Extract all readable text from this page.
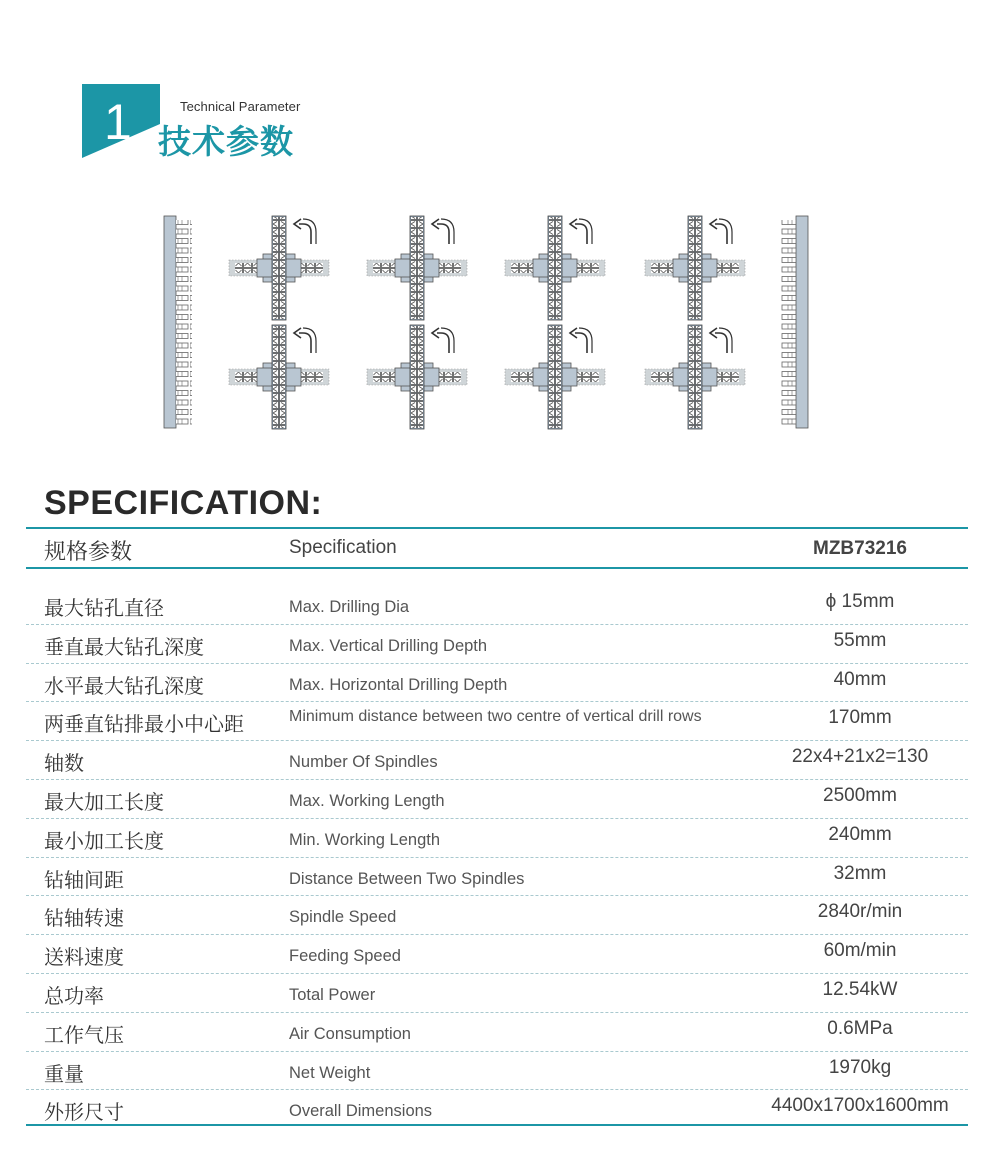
1	Technical Parameter
技术参数
SPECIFICATION:
规格参数	Specification	MZB73216
最大钻孔直径	Max. Drilling Dia	ϕ 15mm
垂直最大钻孔深度	Max. Vertical Drilling Depth	55mm
水平最大钻孔深度	Max. Horizontal Drilling Depth	40mm
两垂直钻排最小中心距	Minimum distance between two centre of vertical drill rows	170mm
轴数	Number Of Spindles	22x4+21x2=130
最大加工长度	Max. Working Length	2500mm
最小加工长度	Min. Working Length	240mm
钻轴间距	Distance Between Two Spindles	32mm
钻轴转速	Spindle Speed	2840r/min
送料速度	Feeding Speed	60m/min
总功率	Total Power	12.54kW
工作气压	Air Consumption	0.6MPa
重量	Net Weight	1970kg
外形尺寸	Overall Dimensions	4400x1700x1600mm
